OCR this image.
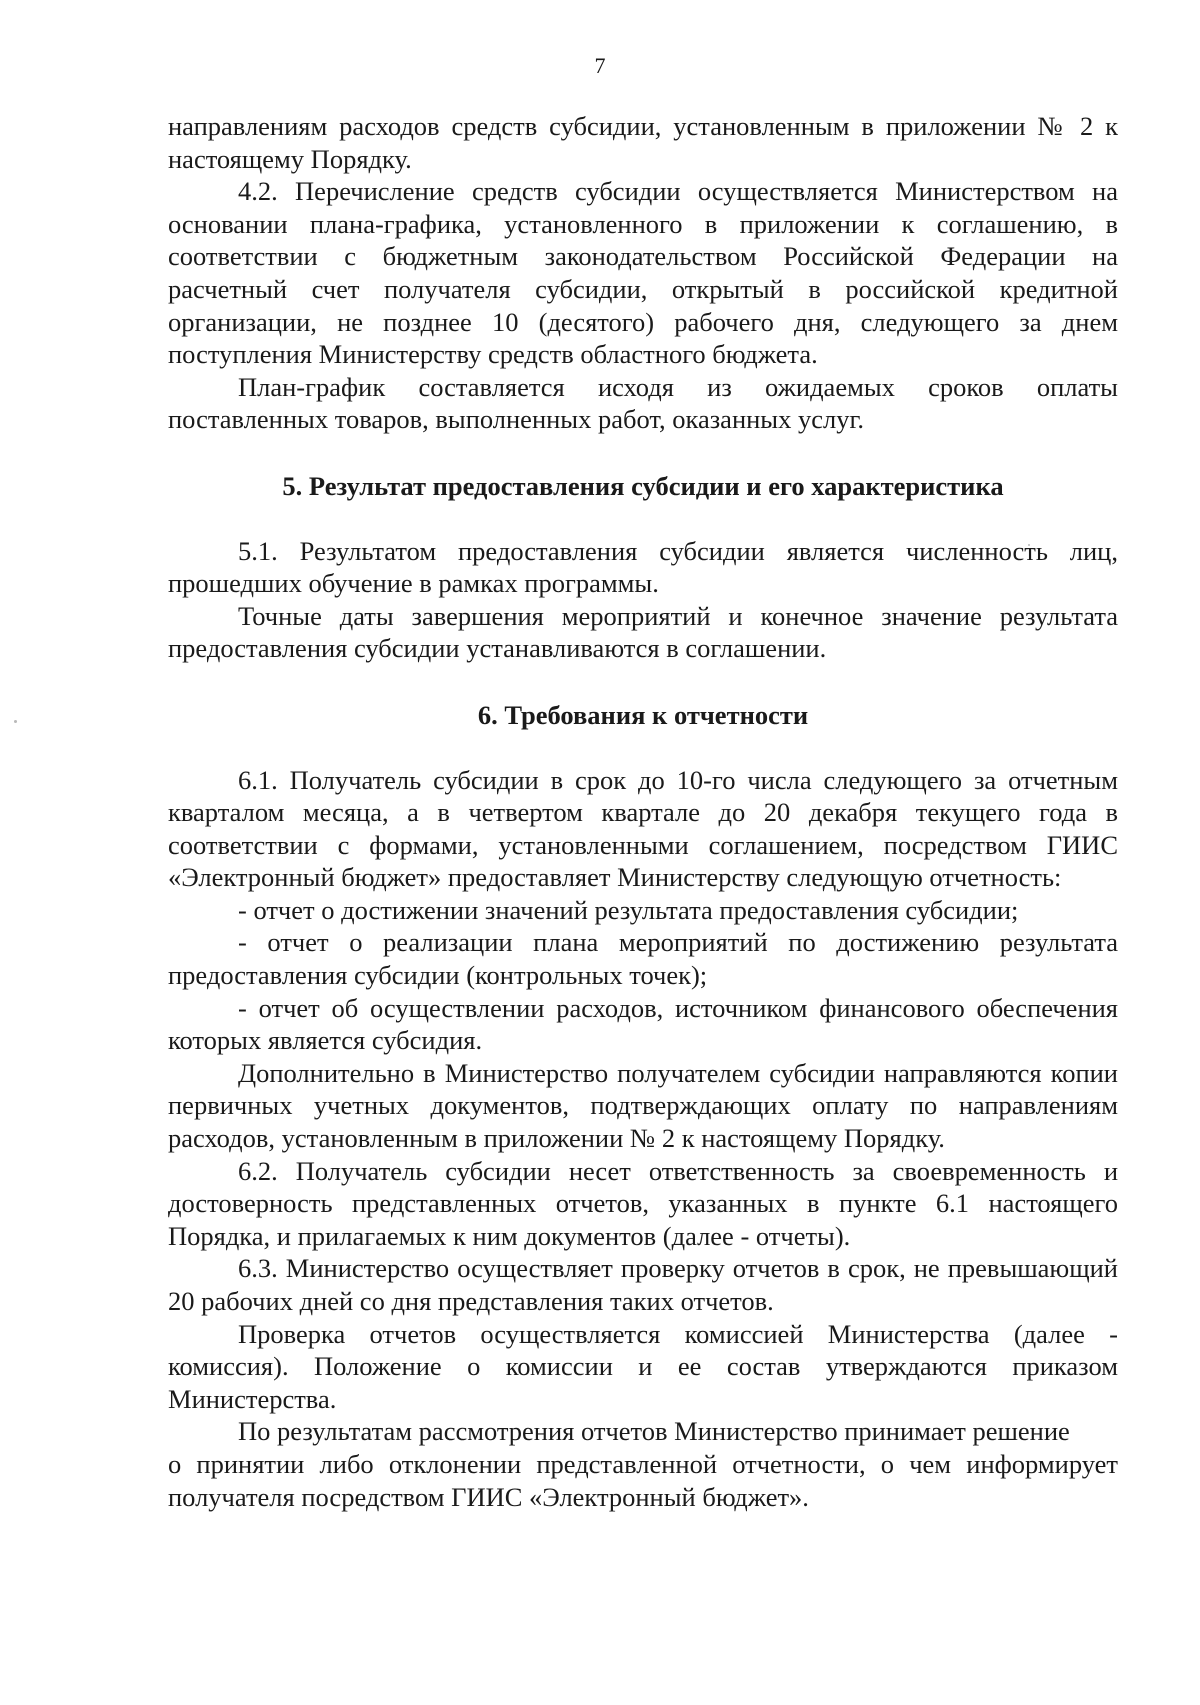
7

направлениям расходов средств субсидии, установленным в приложении № 2 к настоящему Порядку.

4.2. Перечисление средств субсидии осуществляется Министерством на основании плана-графика, установленного в приложении к соглашению, в соответствии с бюджетным законодательством Российской Федерации на расчетный счет получателя субсидии, открытый в российской кредитной организации, не позднее 10 (десятого) рабочего дня, следующего за днем поступления Министерству средств областного бюджета.

План-график составляется исходя из ожидаемых сроков оплаты поставленных товаров, выполненных работ, оказанных услуг.

5. Результат предоставления субсидии и его характеристика

5.1. Результатом предоставления субсидии является численность лиц, прошедших обучение в рамках программы.

Точные даты завершения мероприятий и конечное значение результата предоставления субсидии устанавливаются в соглашении.

6. Требования к отчетности

6.1. Получатель субсидии в срок до 10-го числа следующего за отчетным кварталом месяца, а в четвертом квартале до 20 декабря текущего года в соответствии с формами, установленными соглашением, посредством ГИИС «Электронный бюджет» предоставляет Министерству следующую отчетность:

- отчет о достижении значений результата предоставления субсидии;

- отчет о реализации плана мероприятий по достижению результата предоставления субсидии (контрольных точек);

- отчет об осуществлении расходов, источником финансового обеспечения которых является субсидия.

Дополнительно в Министерство получателем субсидии направляются копии первичных учетных документов, подтверждающих оплату по направлениям расходов, установленным в приложении № 2 к настоящему Порядку.

6.2. Получатель субсидии несет ответственность за своевременность и достоверность представленных отчетов, указанных в пункте 6.1 настоящего Порядка, и прилагаемых к ним документов (далее - отчеты).

6.3. Министерство осуществляет проверку отчетов в срок, не превышающий 20 рабочих дней со дня представления таких отчетов.

Проверка отчетов осуществляется комиссией Министерства (далее - комиссия). Положение о комиссии и ее состав утверждаются приказом Министерства.

По результатам рассмотрения отчетов Министерство принимает решение

о принятии либо отклонении представленной отчетности, о чем информирует получателя посредством ГИИС «Электронный бюджет».
